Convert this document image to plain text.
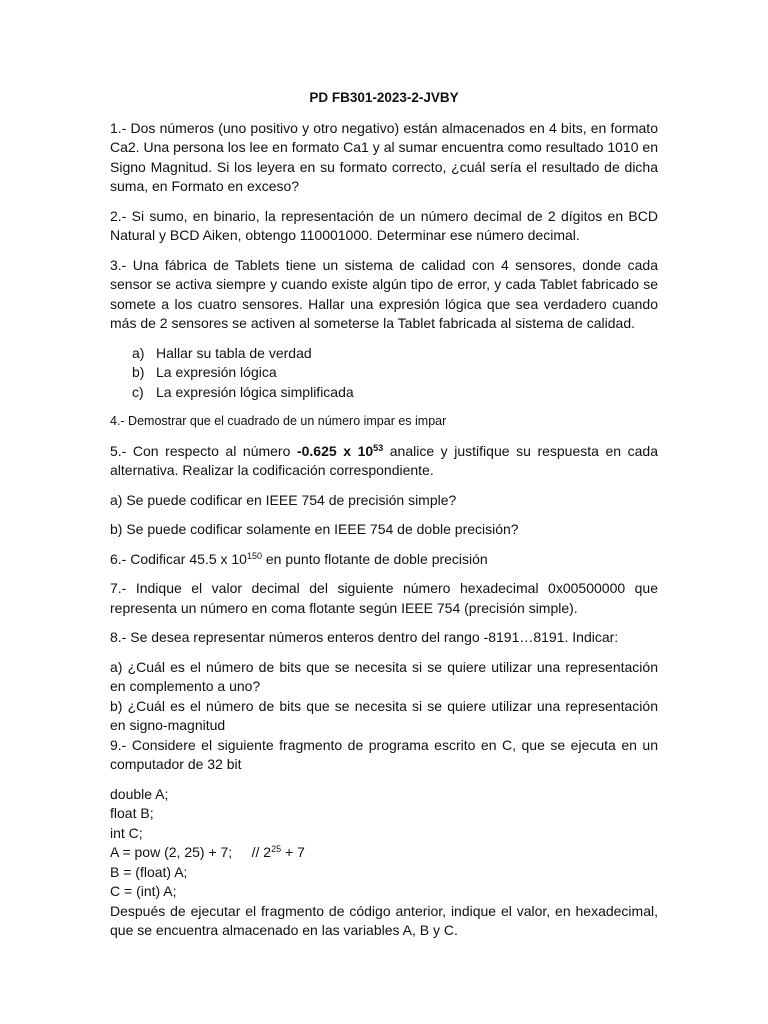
PD FB301-2023-2-JVBY
1.- Dos números (uno positivo y otro negativo) están almacenados en 4 bits, en formato Ca2. Una persona los lee en formato Ca1 y al sumar encuentra como resultado 1010 en Signo Magnitud. Si los leyera en su formato correcto, ¿cuál sería el resultado de dicha suma, en Formato en exceso?
2.- Si sumo, en binario, la representación de un número decimal de 2 dígitos en BCD Natural y BCD Aiken, obtengo 110001000. Determinar ese número decimal.
3.- Una fábrica de Tablets tiene un sistema de calidad con 4 sensores, donde cada sensor se activa siempre y cuando existe algún tipo de error, y cada Tablet fabricado se somete a los cuatro sensores. Hallar una expresión lógica que sea verdadero cuando más de 2 sensores se activen al someterse la Tablet fabricada al sistema de calidad.
a) Hallar su tabla de verdad
b) La expresión lógica
c) La expresión lógica simplificada
4.- Demostrar que el cuadrado de un número impar es impar
5.- Con respecto al número -0.625 x $10^{53}$ analice y justifique su respuesta en cada alternativa. Realizar la codificación correspondiente.
a) Se puede codificar en IEEE 754 de precisión simple?
b) Se puede codificar solamente en IEEE 754 de doble precisión?
6.- Codificar 45.5 x $10^{150}$ en punto flotante de doble precisión
7.- Indique el valor decimal del siguiente número hexadecimal 0x00500000 que representa un número en coma flotante según IEEE 754 (precisión simple).
8.- Se desea representar números enteros dentro del rango -8191…8191. Indicar:
a) ¿Cuál es el número de bits que se necesita si se quiere utilizar una representación en complemento a uno?
b) ¿Cuál es el número de bits que se necesita si se quiere utilizar una representación en signo-magnitud
9.- Considere el siguiente fragmento de programa escrito en C, que se ejecuta en un computador de 32 bit
double A;
float B;
int C;
A = pow (2, 25) + 7;     // $2^{25} + 7$
B = (float) A;
C = (int) A;
Después de ejecutar el fragmento de código anterior, indique el valor, en hexadecimal, que se encuentra almacenado en las variables A, B y C.
